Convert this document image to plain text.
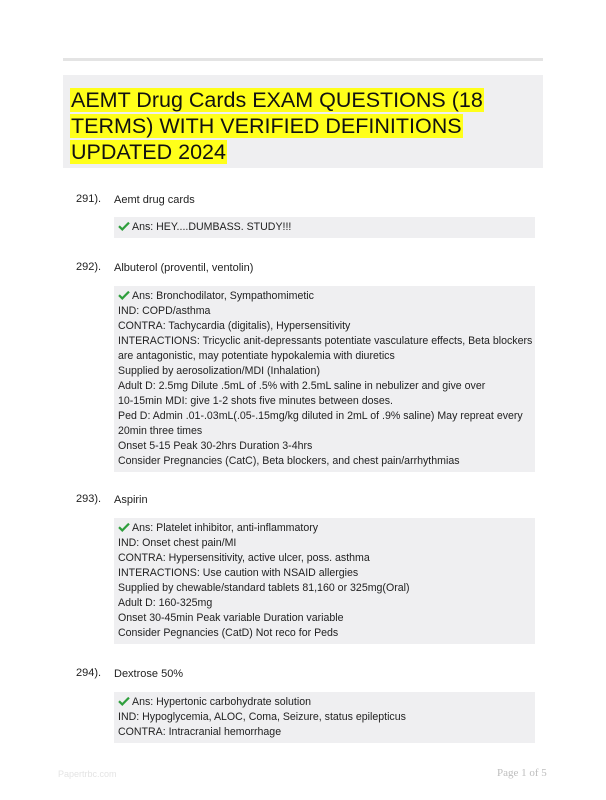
AEMT Drug Cards EXAM QUESTIONS (18 TERMS) WITH VERIFIED DEFINITIONS UPDATED 2024
291). Aemt drug cards
Ans: HEY....DUMBASS. STUDY!!!
292). Albuterol (proventil, ventolin)
Ans: Bronchodilator, Sympathomimetic
IND: COPD/asthma
CONTRA: Tachycardia (digitalis), Hypersensitivity
INTERACTIONS: Tricyclic anit-depressants potentiate vasculature effects, Beta blockers
are antagonistic, may potentiate hypokalemia with diuretics
Supplied by aerosolization/MDI (Inhalation)
Adult D: 2.5mg Dilute .5mL of .5% with 2.5mL saline in nebulizer and give over
10-15min MDI: give 1-2 shots five minutes between doses.
Ped D: Admin .01-.03mL(.05-.15mg/kg diluted in 2mL of .9% saline) May repreat every
20min three times
Onset 5-15 Peak 30-2hrs Duration 3-4hrs
Consider Pregnancies (CatC), Beta blockers, and chest pain/arrhythmias
293). Aspirin
Ans: Platelet inhibitor, anti-inflammatory
IND: Onset chest pain/MI
CONTRA: Hypersensitivity, active ulcer, poss. asthma
INTERACTIONS: Use caution with NSAID allergies
Supplied by chewable/standard tablets 81,160 or 325mg(Oral)
Adult D: 160-325mg
Onset 30-45min Peak variable Duration variable
Consider Pegnancies (CatD) Not reco for Peds
294). Dextrose 50%
Ans: Hypertonic carbohydrate solution
IND: Hypoglycemia, ALOC, Coma, Seizure, status epilepticus
CONTRA: Intracranial hemorrhage
Papertrbc.com	Page 1 of 5
